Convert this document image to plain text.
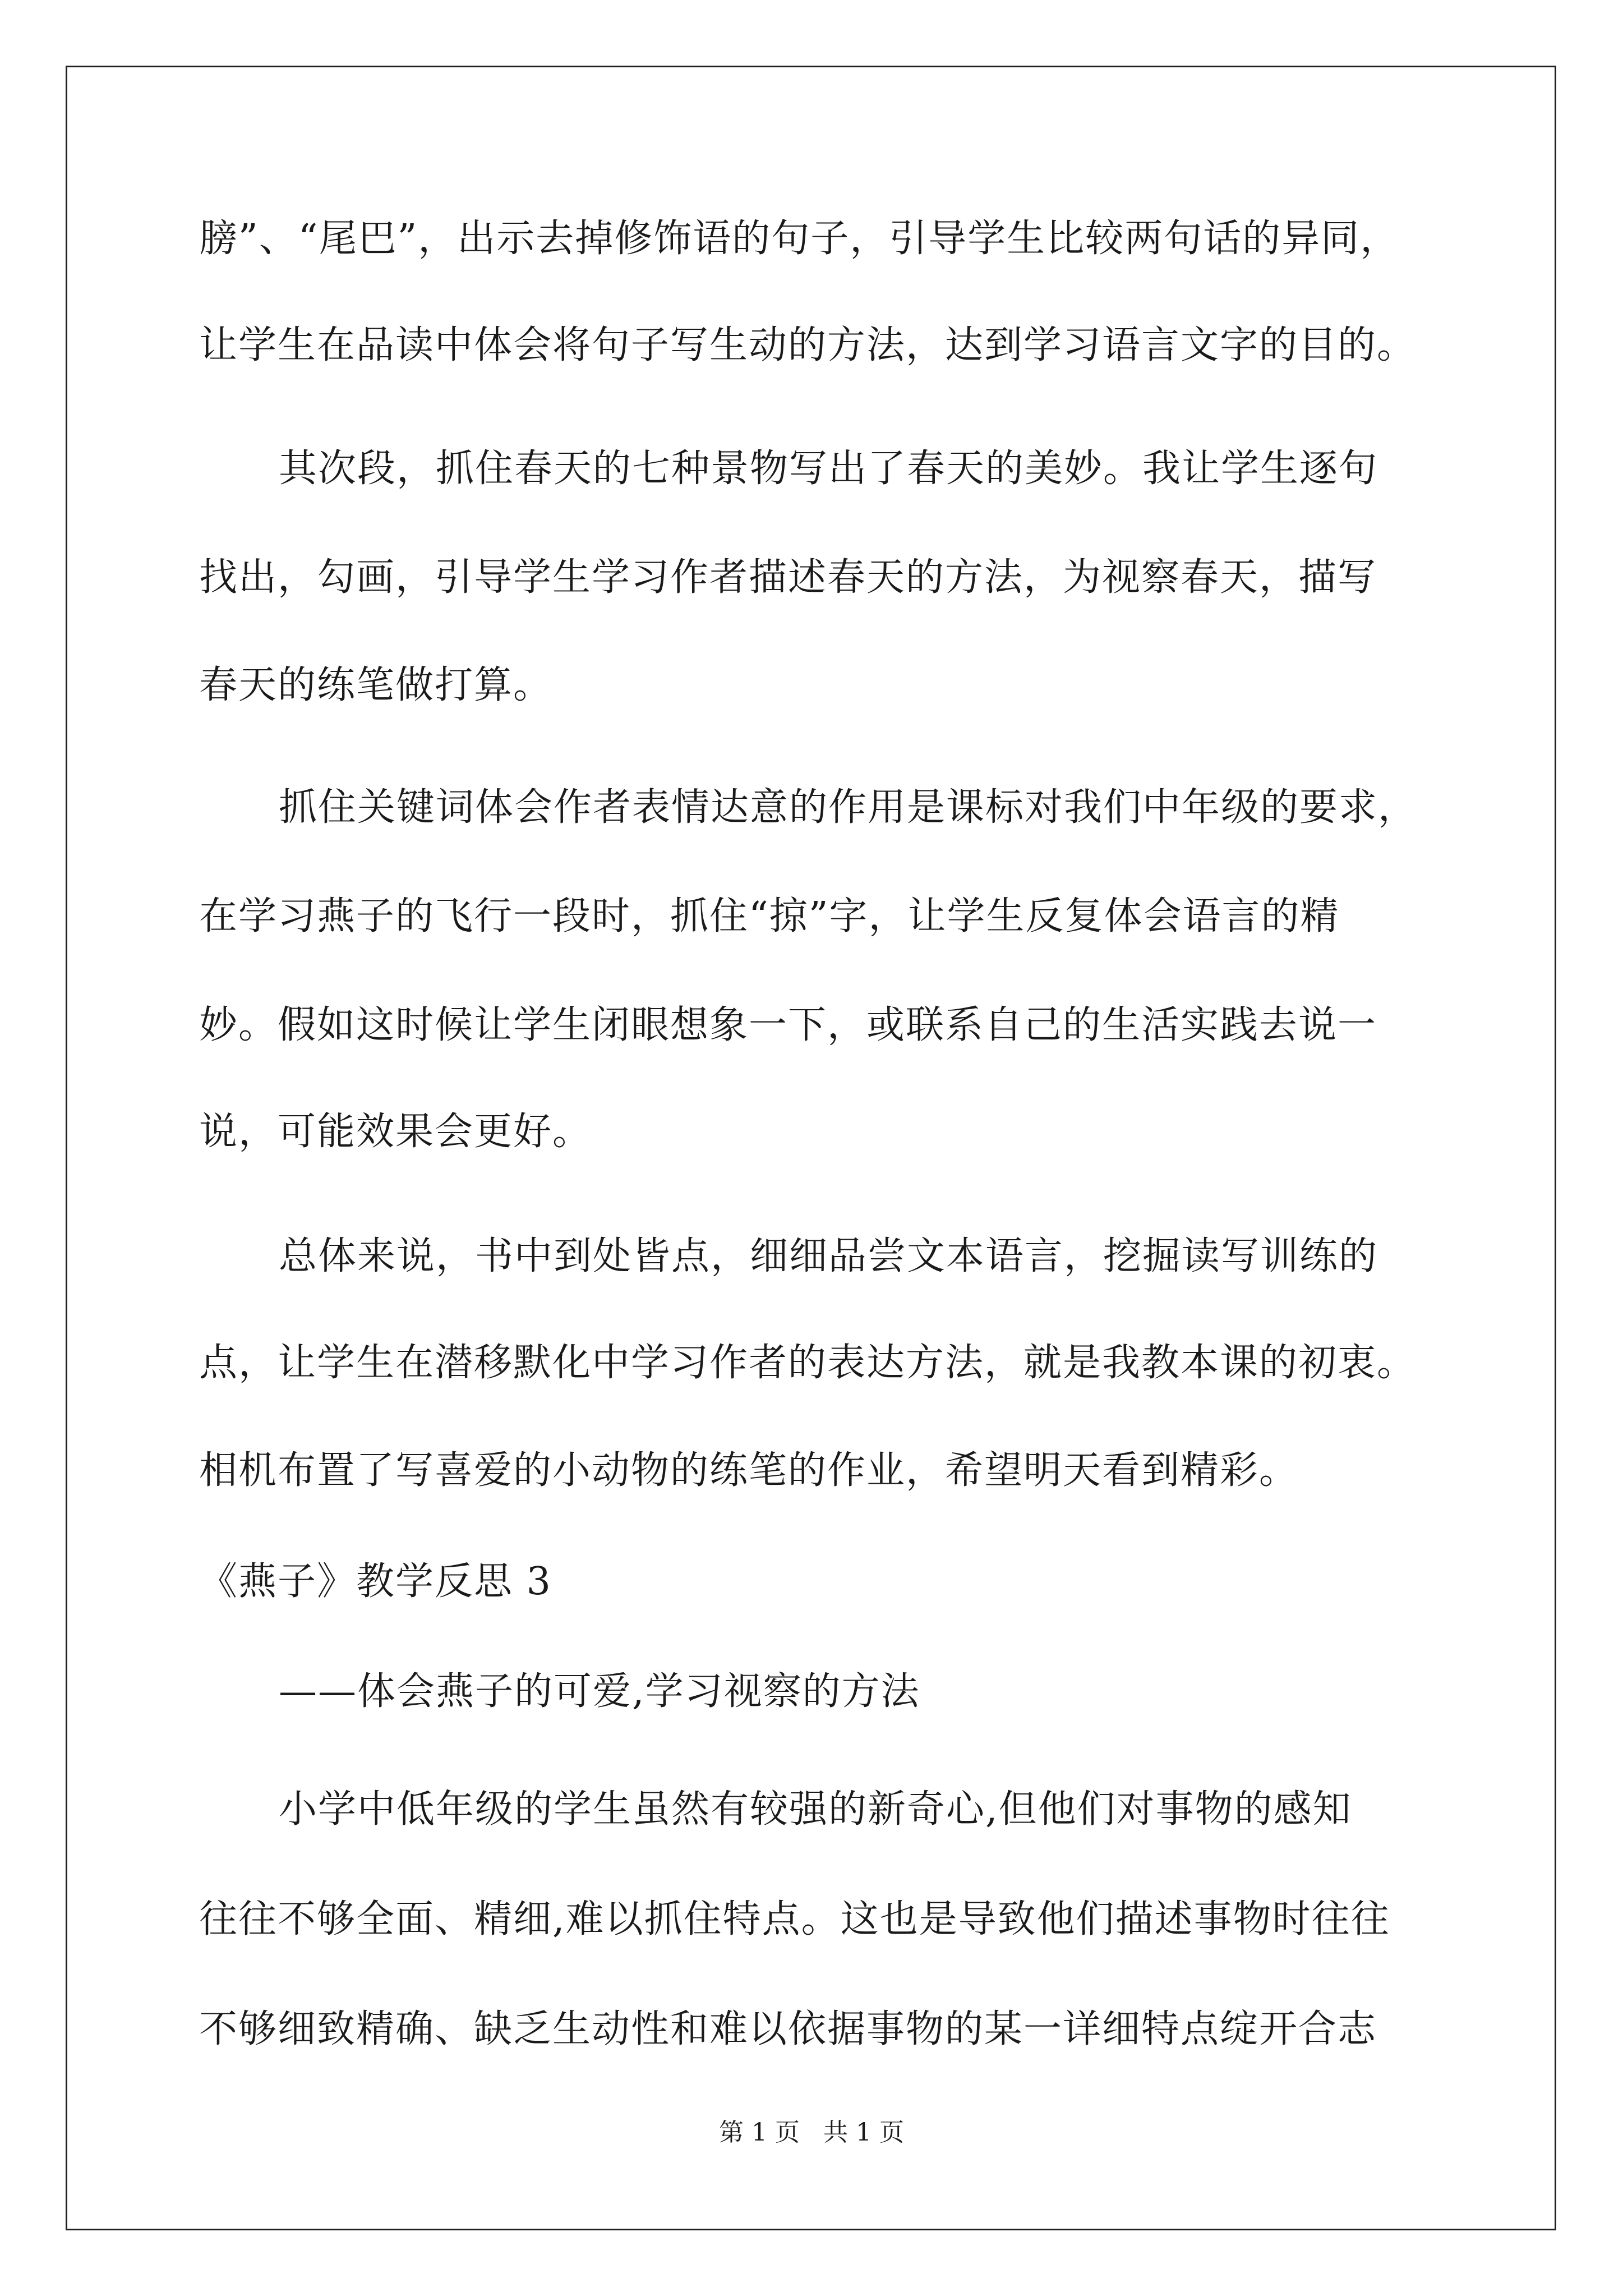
膀”、“尾巴”，出示去掉修饰语的句子，引导学生比较两句话的异同，
让学生在品读中体会将句子写生动的方法，达到学习语言文字的目的。
其次段，抓住春天的七种景物写出了春天的美妙。我让学生逐句
找出，勾画，引导学生学习作者描述春天的方法，为视察春天，描写
春天的练笔做打算。
抓住关键词体会作者表情达意的作用是课标对我们中年级的要求，
在学习燕子的飞行一段时，抓住“掠”字，让学生反复体会语言的精
妙。假如这时候让学生闭眼想象一下，或联系自己的生活实践去说一
说，可能效果会更好。
总体来说，书中到处皆点，细细品尝文本语言，挖掘读写训练的
点，让学生在潜移默化中学习作者的表达方法，就是我教本课的初衷。
相机布置了写喜爱的小动物的练笔的作业，希望明天看到精彩。
《燕子》教学反思 3
——体会燕子的可爱,学习视察的方法
小学中低年级的学生虽然有较强的新奇心,但他们对事物的感知
往往不够全面、精细,难以抓住特点。这也是导致他们描述事物时往往
不够细致精确、缺乏生动性和难以依据事物的某一详细特点绽开合志
第 1 页   共 1 页
